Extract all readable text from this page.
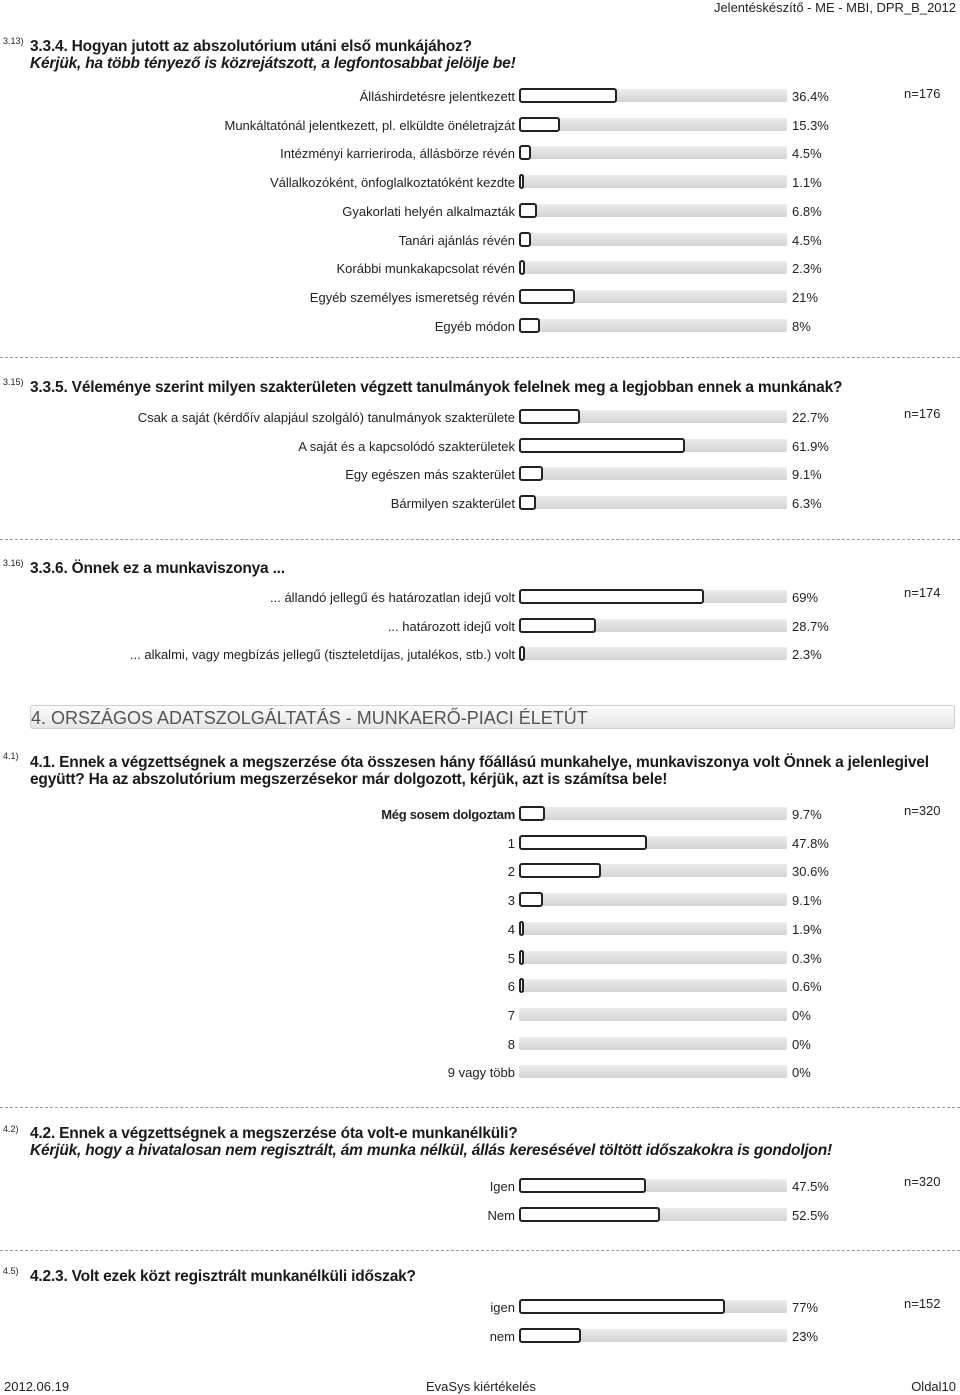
Jelentéskészítő - ME - MBI, DPR_B_2012
3.13) 3.3.4. Hogyan jutott az abszolutórium utáni első munkájához?
Kérjük, ha több tényező is közrejátszott, a legfontosabbat jelölje be!
n=176
Álláshirdetésre jelentkezett	36.4%
Munkáltatónál jelentkezett, pl. elküldte önéletrajzát	15.3%
Intézményi karrieriroda, állásbörze révén	4.5%
Vállalkozóként, önfoglalkoztatóként kezdte	1.1%
Gyakorlati helyén alkalmazták	6.8%
Tanári ajánlás révén	4.5%
Korábbi munkakapcsolat révén	2.3%
Egyéb személyes ismeretség révén	21%
Egyéb módon	8%
3.15) 3.3.5. Véleménye szerint milyen szakterületen végzett tanulmányok felelnek meg a legjobban ennek a munkának?
n=176
Csak a saját (kérdőív alapjául szolgáló) tanulmányok szakterülete	22.7%
A saját és a kapcsolódó szakterületek	61.9%
Egy egészen más szakterület	9.1%
Bármilyen szakterület	6.3%
3.16) 3.3.6. Önnek ez a munkaviszonya ...
n=174
... állandó jellegű és határozatlan idejű volt	69%
... határozott idejű volt	28.7%
... alkalmi, vagy megbízás jellegű (tiszteletdíjas, jutalékos, stb.) volt	2.3%
4. ORSZÁGOS ADATSZOLGÁLTATÁS - MUNKAERŐ-PIACI ÉLETÚT
4.1) 4.1. Ennek a végzettségnek a megszerzése óta összesen hány főállású munkahelye, munkaviszonya volt Önnek a jelenlegivel együtt? Ha az abszolutórium megszerzésekor már dolgozott, kérjük, azt is számítsa bele!
n=320
Még sosem dolgoztam	9.7%
1	47.8%
2	30.6%
3	9.1%
4	1.9%
5	0.3%
6	0.6%
7	0%
8	0%
9 vagy több	0%
4.2) 4.2. Ennek a végzettségnek a megszerzése óta volt-e munkanélküli?
Kérjük, hogy a hivatalosan nem regisztrált, ám munka nélkül, állás keresésével töltött időszakokra is gondoljon!
n=320
Igen	47.5%
Nem	52.5%
4.5) 4.2.3. Volt ezek közt regisztrált munkanélküli időszak?
n=152
igen	77%
nem	23%
2012.06.19	EvaSys kiértékelés	Oldal10
